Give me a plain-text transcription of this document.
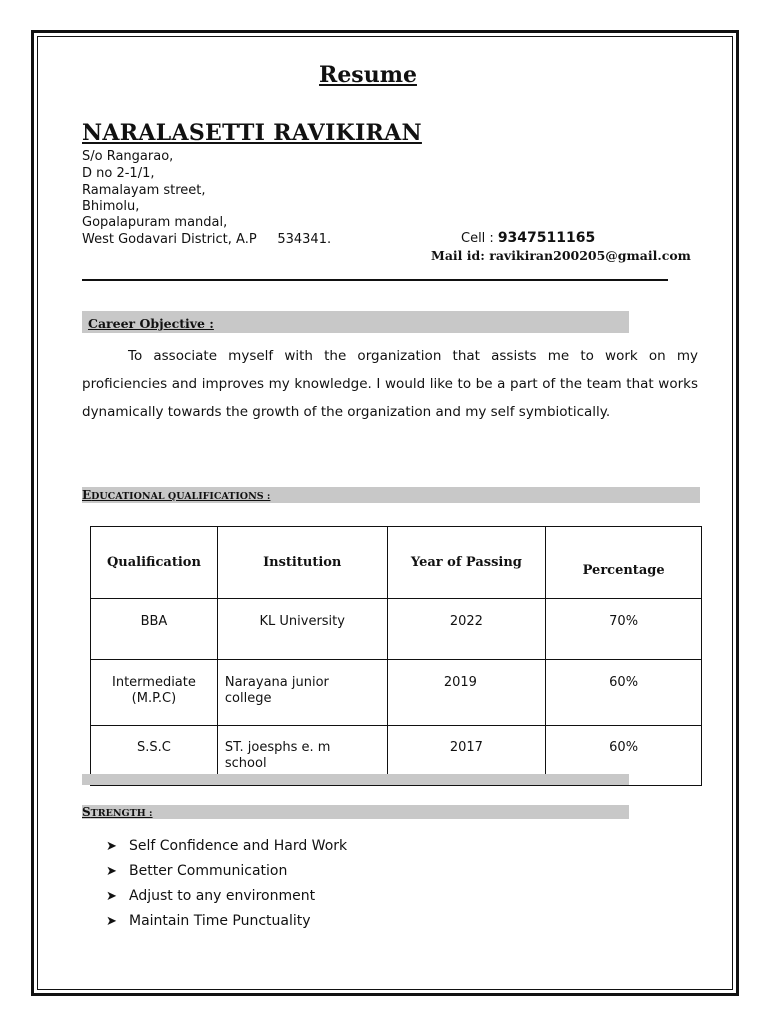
Resume
NARALASETTI RAVIKIRAN
S/o Rangarao,
D no 2-1/1,
Ramalayam street,
Bhimolu,
Gopalapuram mandal,
West Godavari District, A.P     534341.	Cell : 9347511165
Mail id: ravikiran200205@gmail.com
Career Objective :
To associate myself with the organization that assists me to work on my proficiencies and improves my knowledge. I would like to be a part of the team that works dynamically towards the growth of the organization and my self symbiotically.
EDUCATIONAL QUALIFICATIONS :
Qualification	Institution	Year of Passing	Percentage
BBA	KL University	2022	70%
Intermediate (M.P.C)	Narayana junior college	2019	60%
S.S.C	ST. joesphs e. m school	2017	60%
STRENGTH :
➤ Self Confidence and Hard Work
➤ Better Communication
➤ Adjust to any environment
➤ Maintain Time Punctuality
